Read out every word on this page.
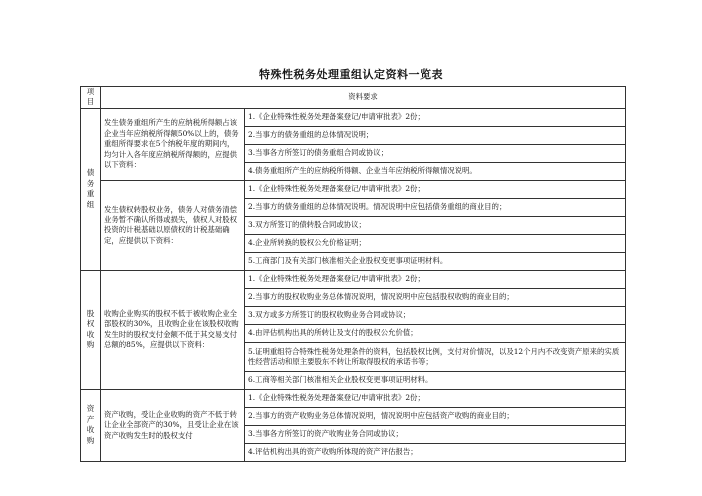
特殊性税务处理重组认定资料一览表
项目	资料要求	
债务重组	发生债务重组所产生的应纳税所得额占该企业当年应纳税所得额50%以上的，债务重组所得要求在5个纳税年度的期间内，均匀计入各年度应纳税所得额的，应提供以下资料：	1.《企业特殊性税务处理备案登记/申请审批表》2份；
		2.当事方的债务重组的总体情况说明；
		3.当事各方所签订的债务重组合同或协议；
		4.债务重组所产生的应纳税所得额、企业当年应纳税所得额情况说明。
	发生债权转股权业务，债务人对债务清偿业务暂不确认所得或损失，债权人对股权投资的计税基础以原债权的计税基础确定，应提供以下资料：	1.《企业特殊性税务处理备案登记/申请审批表》2份；
		2.当事方的债务重组的总体情况说明。情况说明中应包括债务重组的商业目的；
		3.双方所签订的债转股合同或协议；
		4.企业所转换的股权公允价格证明；
		5.工商部门及有关部门核准相关企业股权变更事项证明材料。
股权收购	收购企业购买的股权不低于被收购企业全部股权的30%，且收购企业在该股权收购发生时的股权支付金额不低于其交易支付总额的85%，应提供以下资料：	1.《企业特殊性税务处理备案登记/申请审批表》2份；
		2.当事方的股权收购业务总体情况说明，情况说明中应包括股权收购的商业目的；
		3.双方或多方所签订的股权收购业务合同或协议；
		4.由评估机构出具的所转让及支付的股权公允价值；
		5.证明重组符合特殊性税务处理条件的资料，包括股权比例，支付对价情况，以及12个月内不改变资产原来的实质性经营活动和原主要股东不转让所取得股权的承诺书等；
		6.工商等相关部门核准相关企业股权变更事项证明材料。
资产收购	资产收购，受让企业收购的资产不低于转让企业全部资产的30%，且受让企业在该资产收购发生时的股权支付	1.《企业特殊性税务处理备案登记/申请审批表》2份；
		2.当事方的资产收购业务总体情况说明，情况说明中应包括资产收购的商业目的；
		3.当事各方所签订的资产收购业务合同或协议；
		4.评估机构出具的资产收购所体现的资产评估报告；
